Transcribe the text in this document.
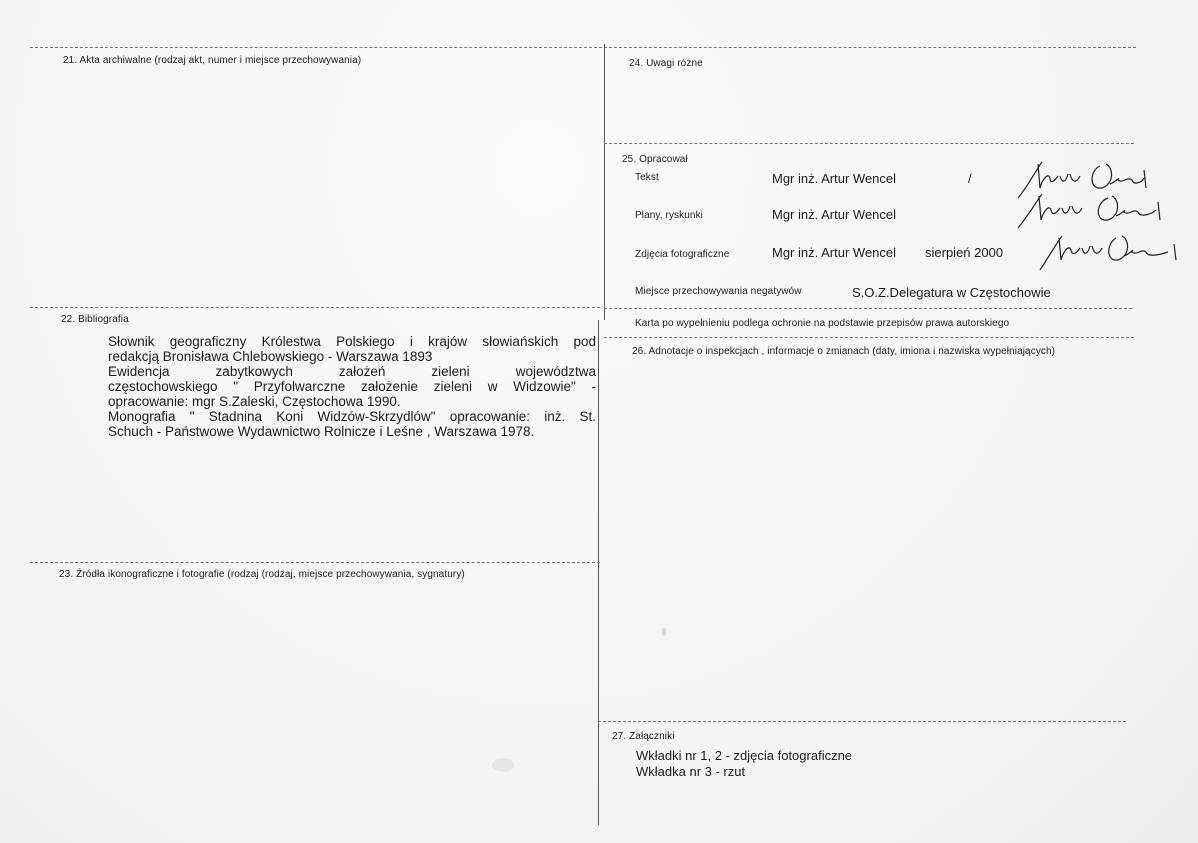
21. Akta archiwalne (rodzaj akt, numer i miejsce przechowywania)
22. Bibliografia
Słownik geograficzny Królestwa Polskiego i krajów słowiańskich pod
redakcją Bronisława Chlebowskiego - Warszawa 1893
Ewidencja zabytkowych założeń zieleni województwa
częstochowskiego " Przyfolwarczne założenie zieleni w Widzowie" -
opracowanie: mgr S.Zaleski, Częstochowa 1990.
Monografia " Stadnina Koni Widzów-Skrzydlów" opracowanie: inż. St.
Schuch - Państwowe Wydawnictwo Rolnicze i Leśne , Warszawa 1978.
23. Źródła ikonograficzne i fotografie (rodzaj (rodzaj, miejsce przechowywania, sygnatury)
24. Uwagi różne
25. Opracował
Tekst	Mgr inż. Artur Wencel	/
Plany, ryskunki	Mgr inż. Artur Wencel
Zdjęcia fotograficzne	Mgr inż. Artur Wencel sierpień 2000
Miejsce przechowywania negatywów	S.O.Z.Delegatura w Częstochowie
Karta po wypełnieniu podlega ochronie na podstawie przepisów prawa autorskiego
26. Adnotacje o inspekcjach , informacje o zmianach (daty, imiona i nazwiska wypełniających)
27. Załączniki
Wkładki nr 1, 2 - zdjęcia fotograficzne
Wkładka nr 3 - rzut
